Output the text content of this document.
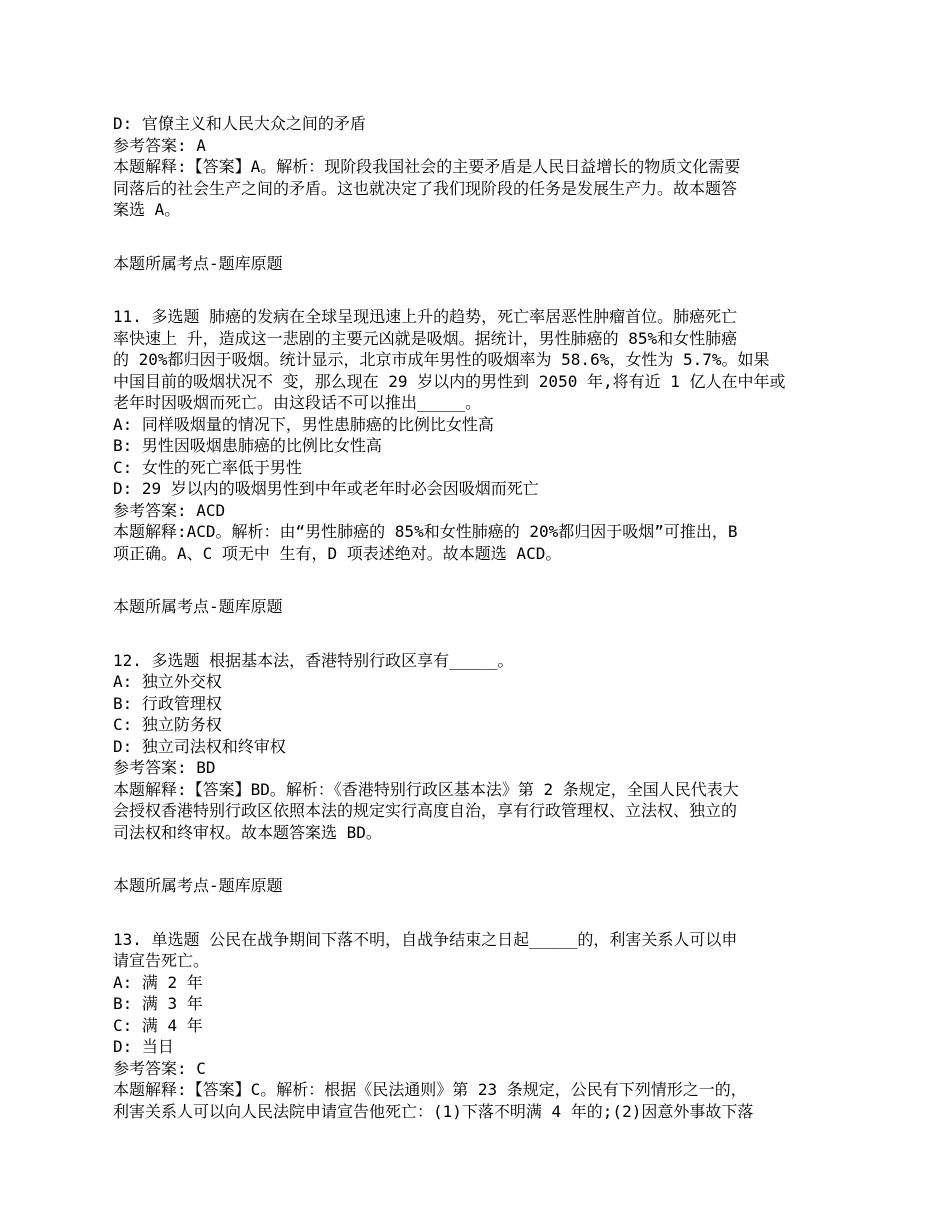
D: 官僚主义和人民大众之间的矛盾
参考答案: A
本题解释:【答案】A。解析：现阶段我国社会的主要矛盾是人民日益增长的物质文化需要
同落后的社会生产之间的矛盾。这也就决定了我们现阶段的任务是发展生产力。故本题答
案选 A。
本题所属考点-题库原题
11. 多选题 肺癌的发病在全球呈现迅速上升的趋势，死亡率居恶性肿瘤首位。肺癌死亡
率快速上 升，造成这一悲剧的主要元凶就是吸烟。据统计，男性肺癌的 85%和女性肺癌
的 20%都归因于吸烟。统计显示，北京市成年男性的吸烟率为 58.6%，女性为 5.7%。如果
中国目前的吸烟状况不 变，那么现在 29 岁以内的男性到 2050 年,将有近 1 亿人在中年或
老年时因吸烟而死亡。由这段话不可以推出_____。
A: 同样吸烟量的情况下，男性患肺癌的比例比女性高
B: 男性因吸烟患肺癌的比例比女性高
C: 女性的死亡率低于男性
D: 29 岁以内的吸烟男性到中年或老年时必会因吸烟而死亡
参考答案: ACD
本题解释:ACD。解析：由“男性肺癌的 85%和女性肺癌的 20%都归因于吸烟”可推出，B
项正确。A、C 项无中 生有，D 项表述绝对。故本题选 ACD。
本题所属考点-题库原题
12. 多选题 根据基本法，香港特别行政区享有_____。
A: 独立外交权
B: 行政管理权
C: 独立防务权
D: 独立司法权和终审权
参考答案: BD
本题解释:【答案】BD。解析：《香港特别行政区基本法》第 2 条规定，全国人民代表大
会授权香港特别行政区依照本法的规定实行高度自治，享有行政管理权、立法权、独立的
司法权和终审权。故本题答案选 BD。
本题所属考点-题库原题
13. 单选题 公民在战争期间下落不明，自战争结束之日起_____的，利害关系人可以申
请宣告死亡。
A: 满 2 年
B: 满 3 年
C: 满 4 年
D: 当日
参考答案: C
本题解释:【答案】C。解析：根据《民法通则》第 23 条规定，公民有下列情形之一的，
利害关系人可以向人民法院申请宣告他死亡：(1)下落不明满 4 年的;(2)因意外事故下落
